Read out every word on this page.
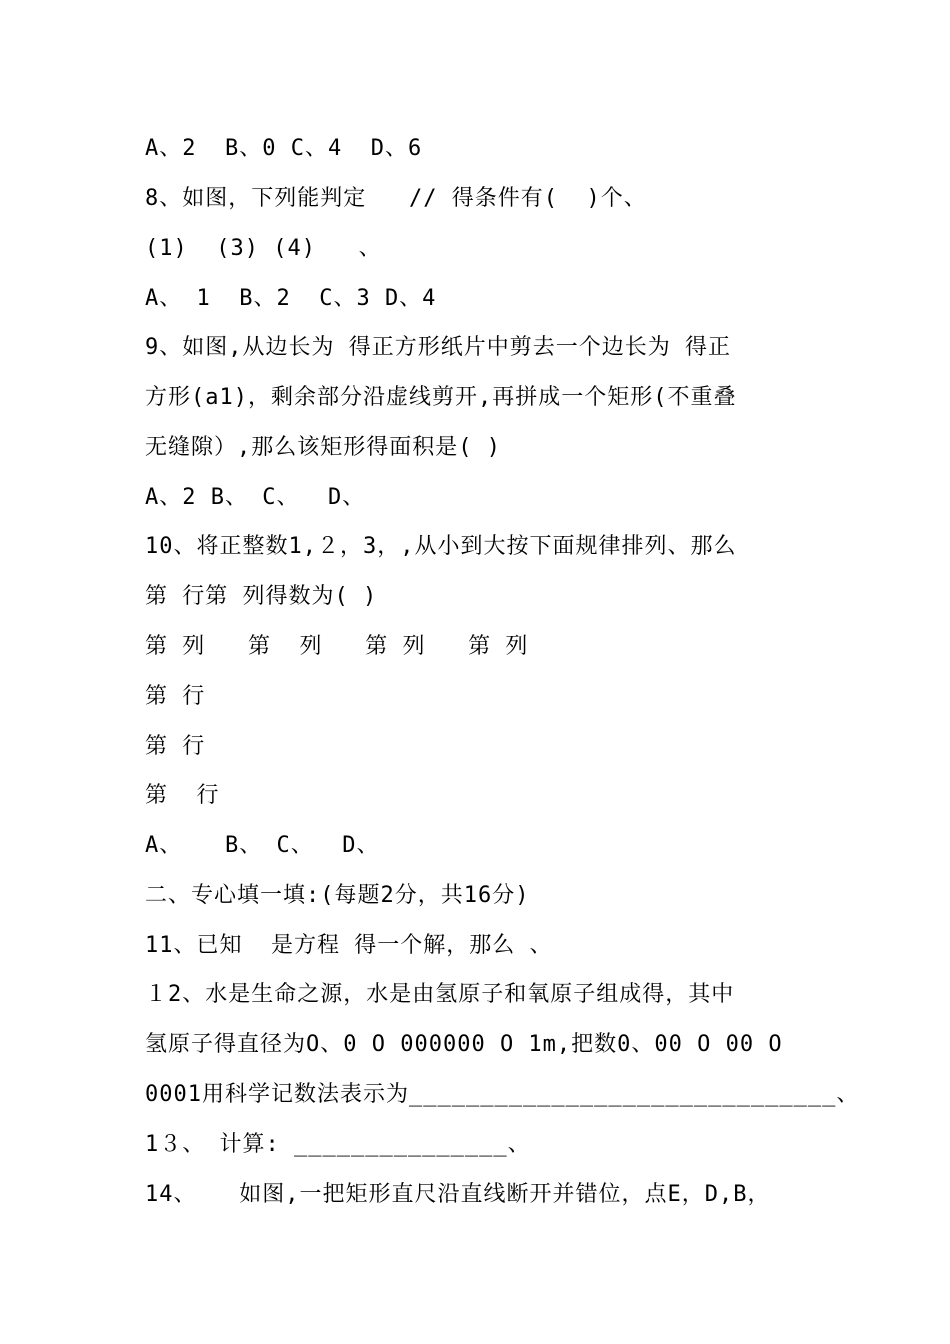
A、2  B、0 C、4  D、6
8、如图，下列能判定   // 得条件有(  )个、
(1)  (3) (4)   、
A、 1  B、2  C、3 D、4
9、如图,从边长为 得正方形纸片中剪去一个边长为 得正
方形(a1)，剩余部分沿虚线剪开,再拼成一个矩形(不重叠
无缝隙）,那么该矩形得面积是( )
A、2 B、 C、  D、
10、将正整数1,２，3，,从小到大按下面规律排列、那么
第 行第 列得数为( )
第 列   第  列   第 列   第 列
第 行
第 行
第  行
A、   B、 C、  D、
二、专心填一填:(每题2分，共16分)
11、已知  是方程 得一个解，那么 、
１2、水是生命之源，水是由氢原子和氧原子组成得，其中
氢原子得直径为O、0 O 000000 O 1m,把数0、00 O 00 O
0001用科学记数法表示为______________________________、
1３、 计算: _______________、
14、   如图,一把矩形直尺沿直线断开并错位，点E，D,B，
